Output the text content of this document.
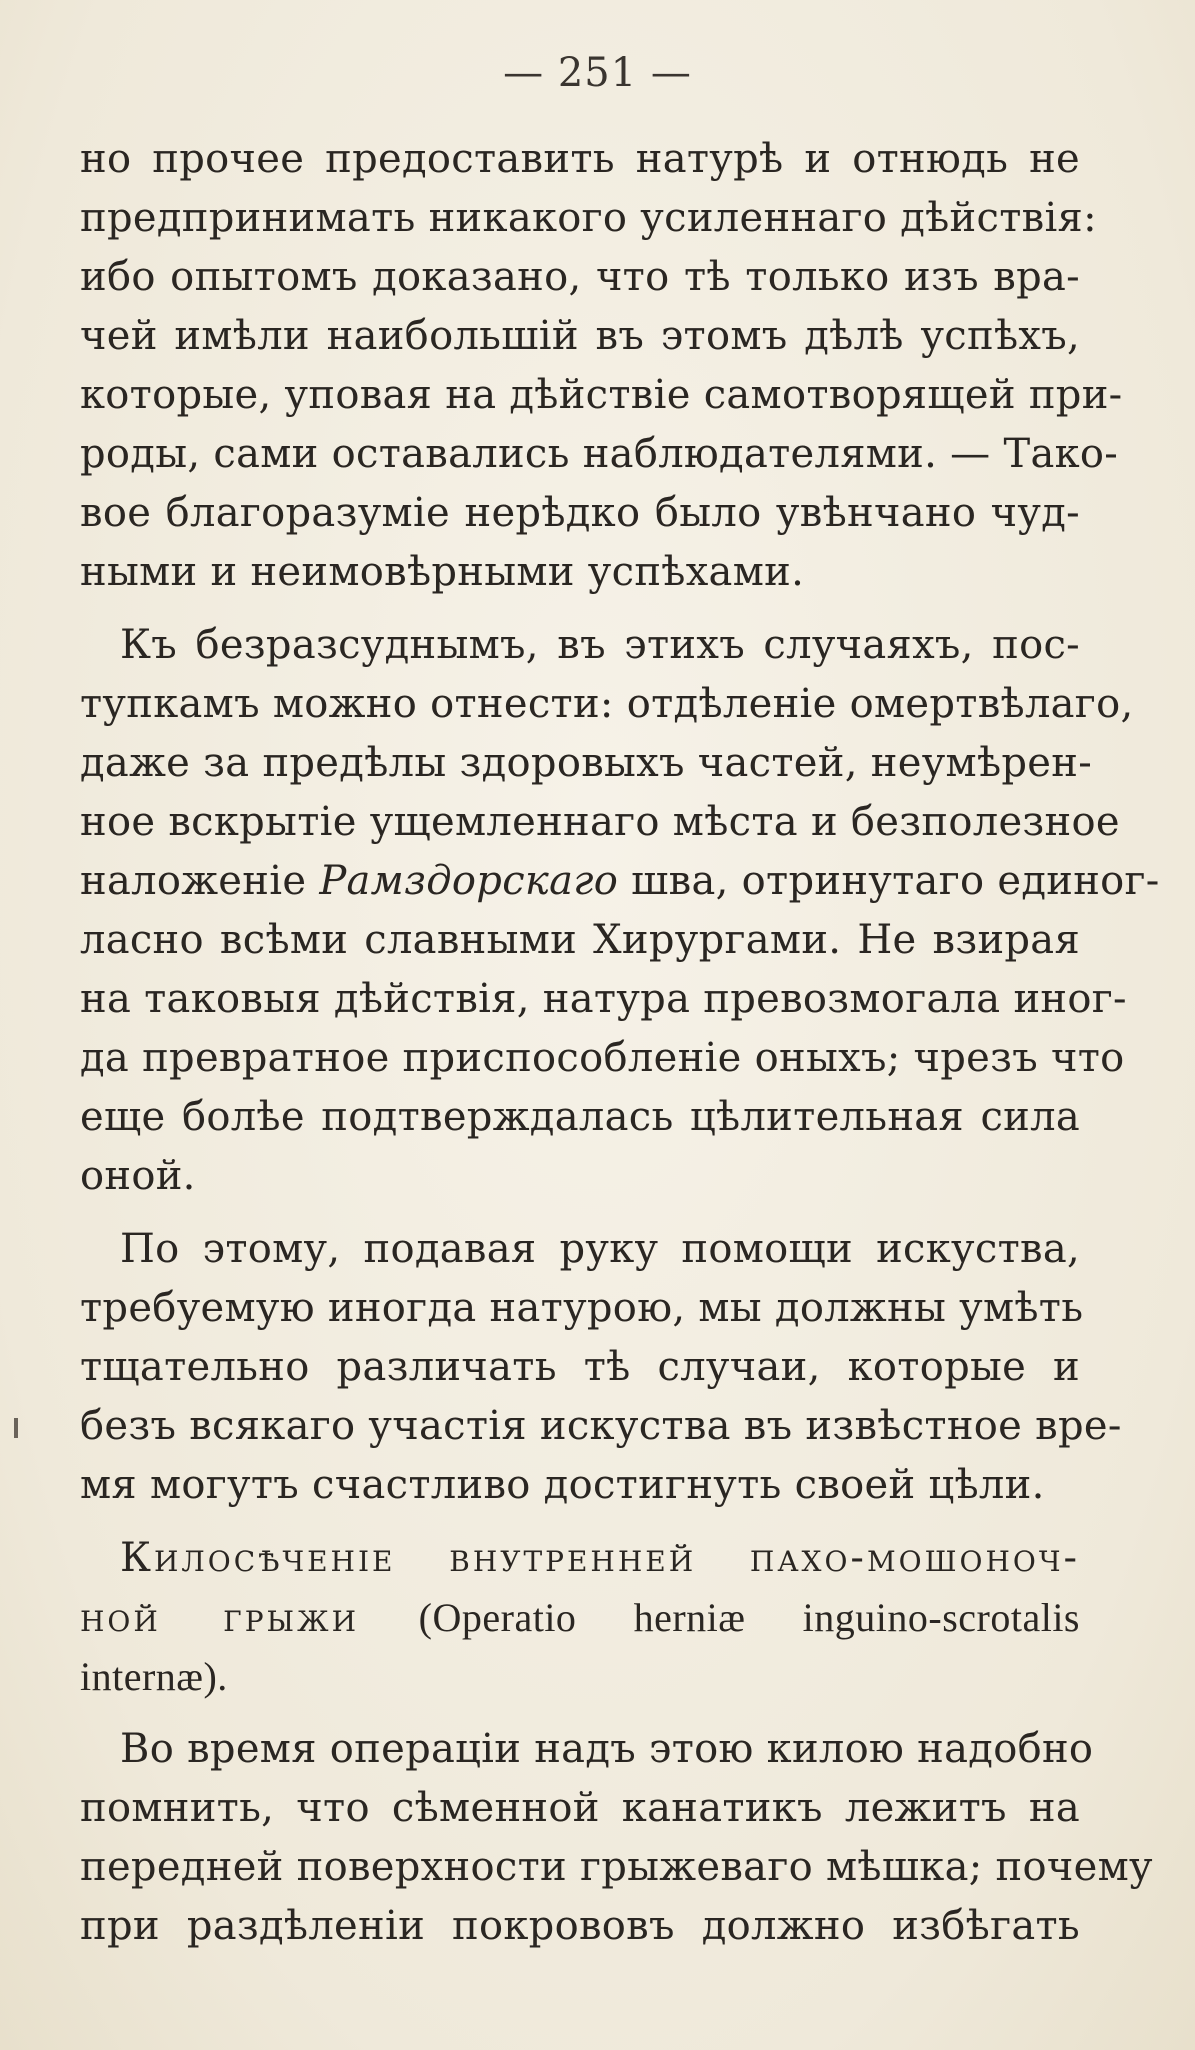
— 251 —
но прочее предоставить натурѣ и отнюдь не
предпринимать никакого усиленнаго дѣйствія:
ибо опытомъ доказано, что тѣ только изъ вра-
чей имѣли наибольшій въ этомъ дѣлѣ успѣхъ,
которые, уповая на дѣйствіе самотворящей при-
роды, сами оставались наблюдателями. — Тако-
вое благоразуміе нерѣдко было увѣнчано чуд-
ными и неимовѣрными успѣхами.
Къ безразсуднымъ, въ этихъ случаяхъ, пос-
тупкамъ можно отнести: отдѣленіе омертвѣлаго,
даже за предѣлы здоровыхъ частей, неумѣрен-
ное вскрытіе ущемленнаго мѣста и безполезное
наложеніе Рамздорскаго шва, отринутаго единог-
ласно всѣми славными Хирургами. Не взирая
на таковыя дѣйствія, натура превозмогала иног-
да превратное приспособленіе оныхъ; чрезъ что
еще болѣе подтверждалась цѣлительная сила
оной.
По этому, подавая руку помощи искуства,
требуемую иногда натурою, мы должны умѣть
тщательно различать тѣ случаи, которые и
безъ всякаго участія искуства въ извѣстное вре-
мя могутъ счастливо достигнуть своей цѣли.
Килосѣченіе внутренней пахо-мошоноч-
ной грыжи (Operatio herniæ inguino-scrotalis
internæ).
Во время операціи надъ этою килою надобно
помнить, что сѣменной канатикъ лежитъ на
передней поверхности грыжеваго мѣшка; почему
при раздѣленіи покрововъ должно избѣгать
